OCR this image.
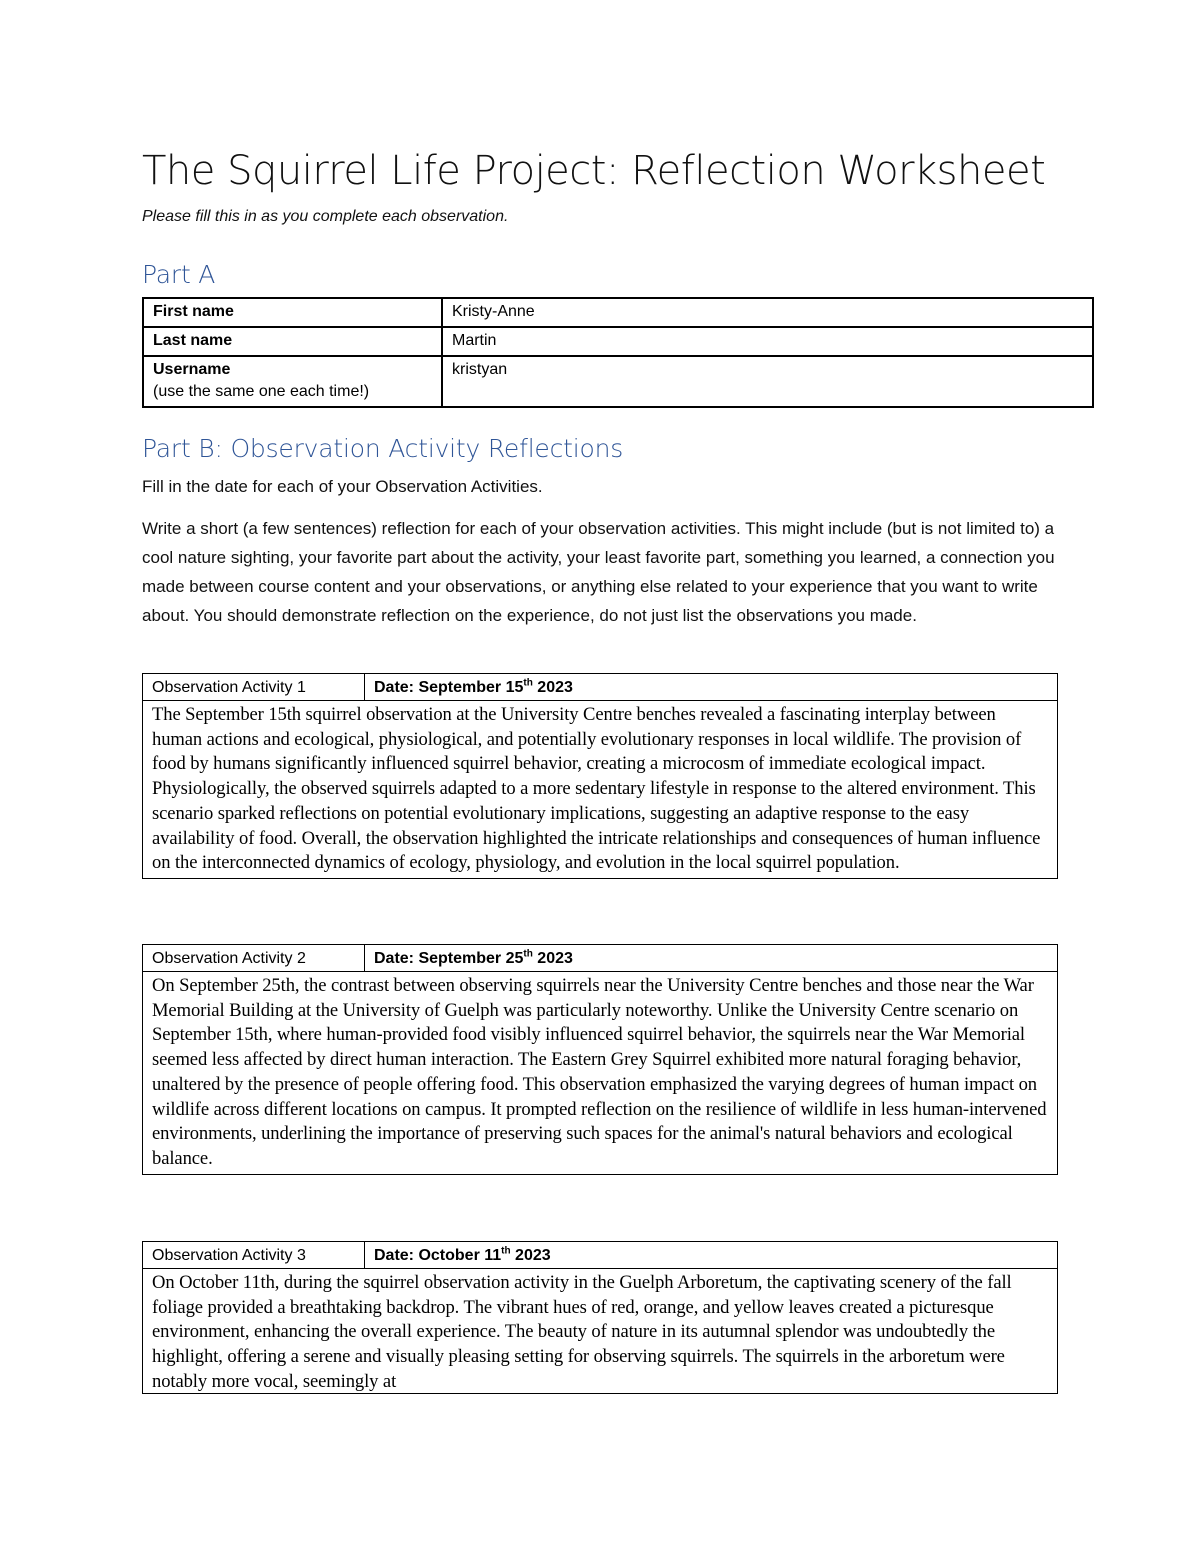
The Squirrel Life Project: Reflection Worksheet
Please fill this in as you complete each observation.
Part A
First name	Kristy-Anne
Last name	Martin
Username
(use the same one each time!)	kristyan
Part B: Observation Activity Reflections
Fill in the date for each of your Observation Activities.
Write a short (a few sentences) reflection for each of your observation activities. This might include (but is not limited to) a cool nature sighting, your favorite part about the activity, your least favorite part, something you learned, a connection you made between course content and your observations, or anything else related to your experience that you want to write about. You should demonstrate reflection on the experience, do not just list the observations you made.
Observation Activity 1	Date: September 15th 2023
The September 15th squirrel observation at the University Centre benches revealed a fascinating interplay between human actions and ecological, physiological, and potentially evolutionary responses in local wildlife. The provision of food by humans significantly influenced squirrel behavior, creating a microcosm of immediate ecological impact. Physiologically, the observed squirrels adapted to a more sedentary lifestyle in response to the altered environment. This scenario sparked reflections on potential evolutionary implications, suggesting an adaptive response to the easy availability of food. Overall, the observation highlighted the intricate relationships and consequences of human influence on the interconnected dynamics of ecology, physiology, and evolution in the local squirrel population.
Observation Activity 2	Date: September 25th 2023
On September 25th, the contrast between observing squirrels near the University Centre benches and those near the War Memorial Building at the University of Guelph was particularly noteworthy. Unlike the University Centre scenario on September 15th, where human-provided food visibly influenced squirrel behavior, the squirrels near the War Memorial seemed less affected by direct human interaction. The Eastern Grey Squirrel exhibited more natural foraging behavior, unaltered by the presence of people offering food. This observation emphasized the varying degrees of human impact on wildlife across different locations on campus. It prompted reflection on the resilience of wildlife in less human-intervened environments, underlining the importance of preserving such spaces for the animal's natural behaviors and ecological balance.
Observation Activity 3	Date: October 11th 2023

On October 11th, during the squirrel observation activity in the Guelph Arboretum, the captivating scenery of the fall foliage provided a breathtaking backdrop. The vibrant hues of red, orange, and yellow leaves created a picturesque environment, enhancing the overall experience. The beauty of nature in its autumnal splendor was undoubtedly the highlight, offering a serene and visually pleasing setting for observing squirrels. The squirrels in the arboretum were notably more vocal, seemingly at
